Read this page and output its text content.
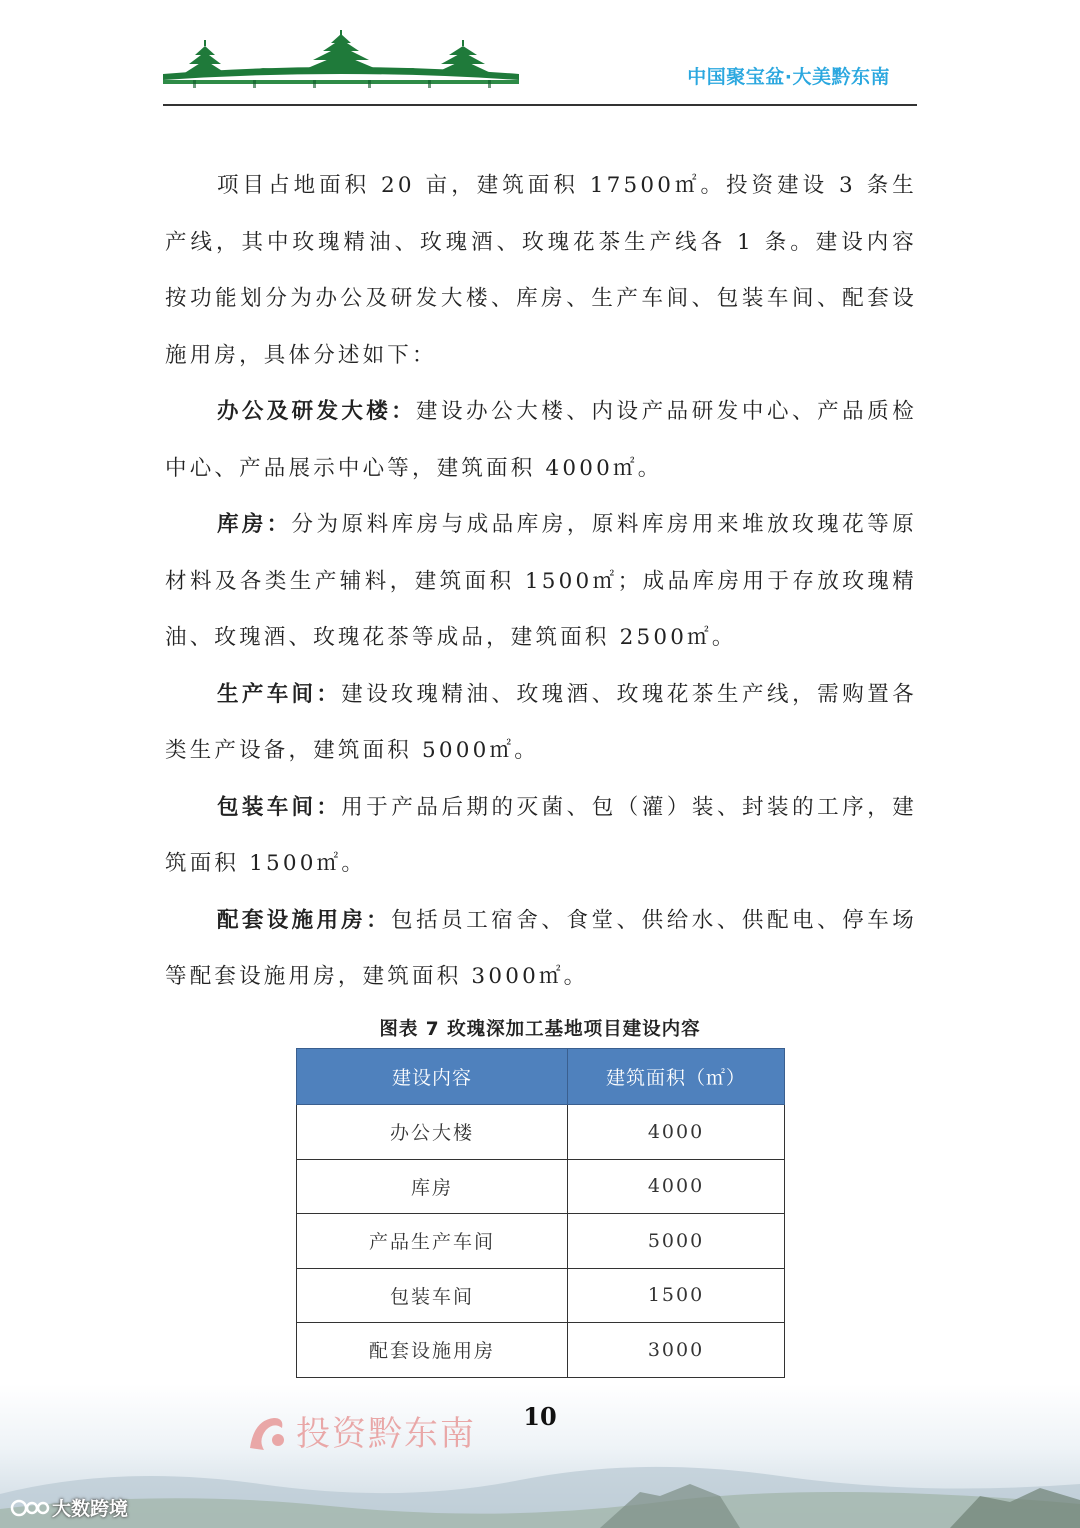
中国聚宝盆·大美黔东南

项目占地面积 20 亩，建筑面积 17500㎡。投资建设 3 条生产线，其中玫瑰精油、玫瑰酒、玫瑰花茶生产线各 1 条。建设内容按功能划分为办公及研发大楼、库房、生产车间、包装车间、配套设施用房，具体分述如下：

办公及研发大楼：建设办公大楼、内设产品研发中心、产品质检中心、产品展示中心等，建筑面积 4000㎡。

库房：分为原料库房与成品库房，原料库房用来堆放玫瑰花等原材料及各类生产辅料，建筑面积 1500㎡；成品库房用于存放玫瑰精油、玫瑰酒、玫瑰花茶等成品，建筑面积 2500㎡。

生产车间：建设玫瑰精油、玫瑰酒、玫瑰花茶生产线，需购置各类生产设备，建筑面积 5000㎡。

包装车间：用于产品后期的灭菌、包（灌）装、封装的工序，建筑面积 1500㎡。

配套设施用房：包括员工宿舍、食堂、供给水、供配电、停车场等配套设施用房，建筑面积 3000㎡。

图表 7 玫瑰深加工基地项目建设内容
建设内容	建筑面积（㎡）
办公大楼	4000
库房	4000
产品生产车间	5000
包装车间	1500
配套设施用房	3000
投资黔东南	10
大数跨境
